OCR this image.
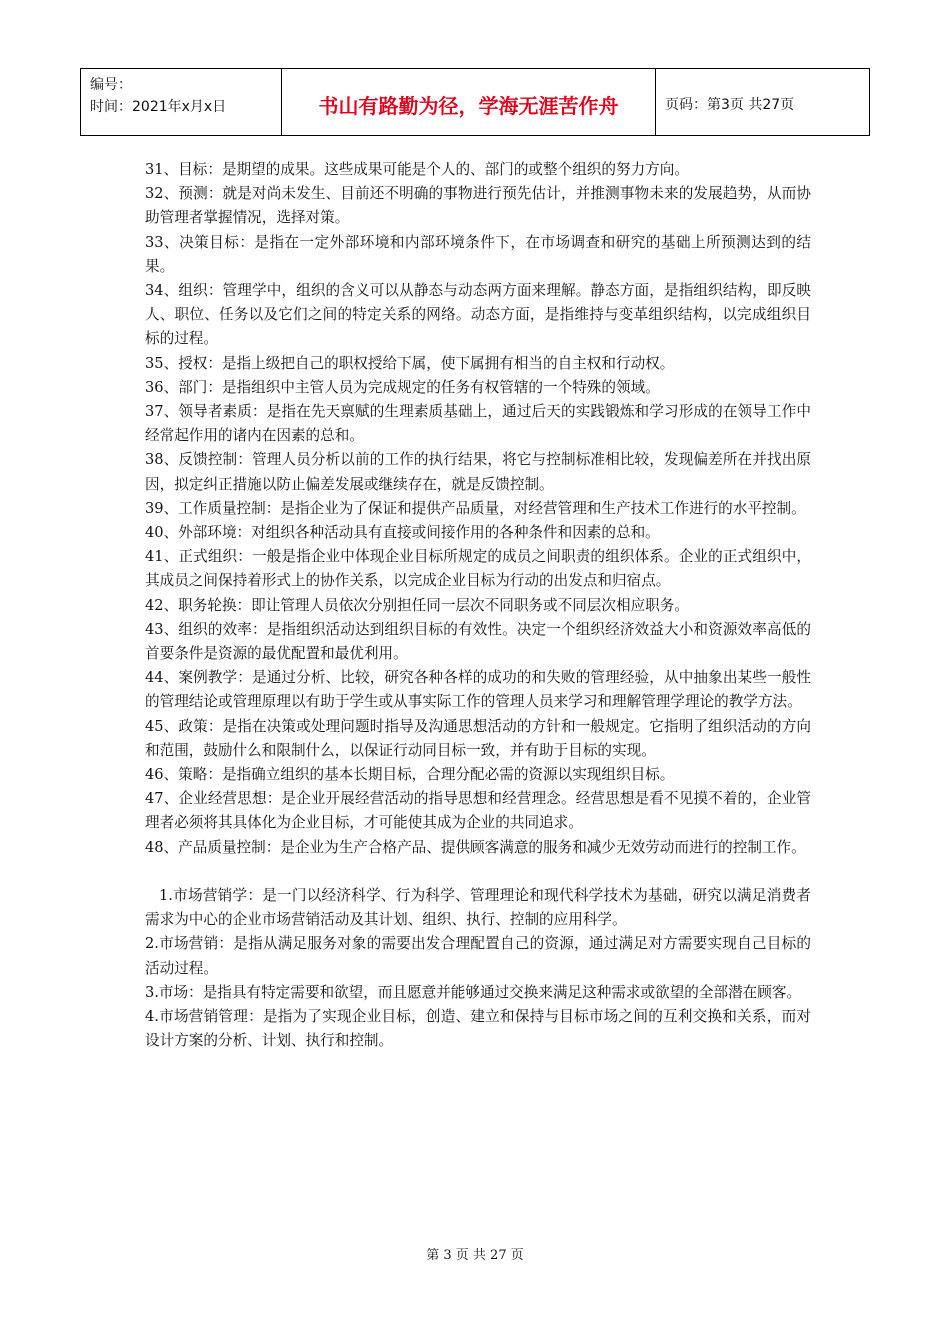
编号：
时间：2021年x月x日	书山有路勤为径，学海无涯苦作舟	页码：第3页 共27页

31、目标：是期望的成果。这些成果可能是个人的、部门的或整个组织的努力方向。

32、预测：就是对尚未发生、目前还不明确的事物进行预先估计，并推测事物未来的发展趋势，从而协助管理者掌握情况，选择对策。

33、决策目标：是指在一定外部环境和内部环境条件下，在市场调查和研究的基础上所预测达到的结果。

34、组织：管理学中，组织的含义可以从静态与动态两方面来理解。静态方面，是指组织结构，即反映人、职位、任务以及它们之间的特定关系的网络。动态方面，是指维持与变革组织结构，以完成组织目标的过程。

35、授权：是指上级把自己的职权授给下属，使下属拥有相当的自主权和行动权。

36、部门：是指组织中主管人员为完成规定的任务有权管辖的一个特殊的领域。

37、领导者素质：是指在先天禀赋的生理素质基础上，通过后天的实践锻炼和学习形成的在领导工作中经常起作用的诸内在因素的总和。

38、反馈控制：管理人员分析以前的工作的执行结果，将它与控制标准相比较，发现偏差所在并找出原因，拟定纠正措施以防止偏差发展或继续存在，就是反馈控制。

39、工作质量控制：是指企业为了保证和提供产品质量，对经营管理和生产技术工作进行的水平控制。

40、外部环境：对组织各种活动具有直接或间接作用的各种条件和因素的总和。

41、正式组织：一般是指企业中体现企业目标所规定的成员之间职责的组织体系。企业的正式组织中，其成员之间保持着形式上的协作关系，以完成企业目标为行动的出发点和归宿点。

42、职务轮换：即让管理人员依次分别担任同一层次不同职务或不同层次相应职务。

43、组织的效率：是指组织活动达到组织目标的有效性。决定一个组织经济效益大小和资源效率高低的首要条件是资源的最优配置和最优利用。

44、案例教学：是通过分析、比较，研究各种各样的成功的和失败的管理经验，从中抽象出某些一般性的管理结论或管理原理以有助于学生或从事实际工作的管理人员来学习和理解管理学理论的教学方法。

45、政策：是指在决策或处理问题时指导及沟通思想活动的方针和一般规定。它指明了组织活动的方向和范围，鼓励什么和限制什么，以保证行动同目标一致，并有助于目标的实现。

46、策略：是指确立组织的基本长期目标，合理分配必需的资源以实现组织目标。

47、企业经营思想：是企业开展经营活动的指导思想和经营理念。经营思想是看不见摸不着的，企业管理者必须将其具体化为企业目标，才可能使其成为企业的共同追求。

48、产品质量控制：是企业为生产合格产品、提供顾客满意的服务和减少无效劳动而进行的控制工作。

1.市场营销学：是一门以经济科学、行为科学、管理理论和现代科学技术为基础，研究以满足消费者需求为中心的企业市场营销活动及其计划、组织、执行、控制的应用科学。

2.市场营销：是指从满足服务对象的需要出发合理配置自己的资源，通过满足对方需要实现自己目标的活动过程。

3.市场：是指具有特定需要和欲望，而且愿意并能够通过交换来满足这种需求或欲望的全部潜在顾客。

4.市场营销管理：是指为了实现企业目标，创造、建立和保持与目标市场之间的互利交换和关系，而对设计方案的分析、计划、执行和控制。

第 3 页 共 27 页
